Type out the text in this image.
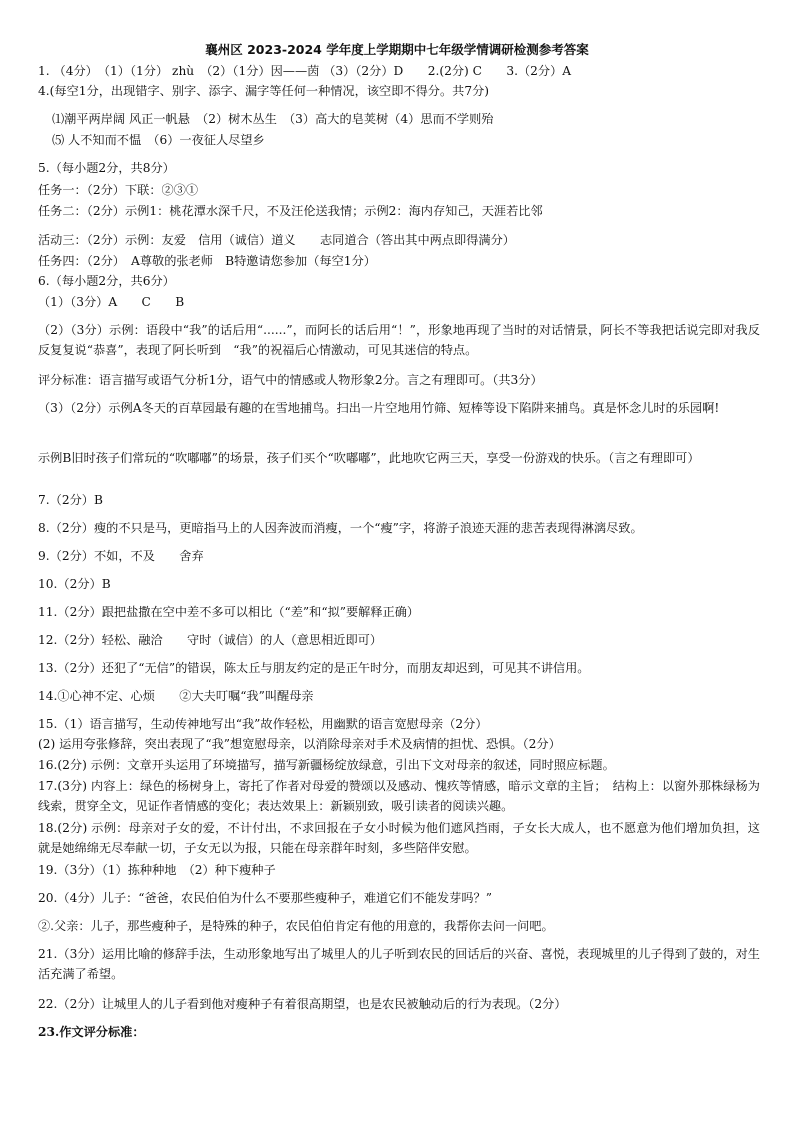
襄州区 2023-2024 学年度上学期期中七年级学情调研检测参考答案
1. （4分）　（1）（1分） zhù　（2）（1分）因——茵 （3）（2分）D　　2.(2分) C　　3.（2分）A
4.(每空1分，出现错字、别字、添字、漏字等任何一种情况，该空即不得分。共7分)
⑴潮平两岸阔 风正一帆悬　（2）树木丛生　（3）高大的皂荚树（4）思而不学则殆
⑸ 人不知而不愠　（6）一夜征人尽望乡
5.（每小题2分，共8分）
任务一：（2分）下联：②③①
任务二：（2分）示例1：桃花潭水深千尺，不及汪伦送我情；示例2：海内存知己，天涯若比邻
活动三：（2分）示例：友爱　信用（诚信）道义　　志同道合（答出其中两点即得满分）
任务四：（2分）　A尊敬的张老师　B特邀请您参加（每空1分）
6.（每小题2分，共6分）
（1）（3分）A　　C　　B
（2）（3分）示例：语段中“我”的话后用“......”，而阿长的话后用“！”，形象地再现了当时的对话情景，阿长不等我把话说完即对我反反复复说“恭喜”，表现了阿长听到　“我”的祝福后心情激动，可见其迷信的特点。
评分标准：语言描写或语气分析1分，语气中的情感或人物形象2分。言之有理即可。（共3分）
（3）（2分）示例A冬天的百草园最有趣的在雪地捕鸟。扫出一片空地用竹筛、短棒等设下陷阱来捕鸟。真是怀念儿时的乐园啊!
示例B旧时孩子们常玩的“吹嘟嘟”的场景，孩子们买个“吹嘟嘟”，此地吹它两三天，享受一份游戏的快乐。（言之有理即可）
7.（2分）B
8.（2分）瘦的不只是马，更暗指马上的人因奔波而消瘦，一个“瘦”字，将游子浪迹天涯的悲苦表现得淋漓尽致。
9.（2分）不如，不及　　舍弃
10.（2分）B
11.（2分）跟把盐撒在空中差不多可以相比（“差”和“拟”要解释正确）
12.（2分）轻松、融洽　　守时（诚信）的人（意思相近即可）
13.（2分）还犯了“无信”的错误，陈太丘与朋友约定的是正午时分，而朋友却迟到，可见其不讲信用。
14.①心神不定、心烦　　②大夫叮嘱“我”叫醒母亲
15.（1）语言描写，生动传神地写出“我”故作轻松，用幽默的语言宽慰母亲（2分）
(2) 运用夸张修辞，突出表现了“我”想宽慰母亲，以消除母亲对手术及病情的担忧、恐惧。（2分）
16.(2分) 示例：文章开头运用了环境描写，描写新疆杨绽放绿意，引出下文对母亲的叙述，同时照应标题。
17.(3分) 内容上：绿色的杨树身上，寄托了作者对母爱的赞颂以及感动、愧疚等情感，暗示文章的主旨；　结构上：以窗外那株绿杨为线索，贯穿全文，见证作者情感的变化；表达效果上：新颖别致，吸引读者的阅读兴趣。
18.(2分) 示例：母亲对子女的爱，不计付出，不求回报在子女小时候为他们遮风挡雨，子女长大成人，也不愿意为他们增加负担，这就是她绵绵无尽奉献一切，子女无以为报，只能在母亲群年时刻，多些陪伴安慰。
19.（3分）（1）拣种种地　（2）种下瘦种子
20.（4分）儿子：“爸爸，农民伯伯为什么不要那些瘦种子，难道它们不能发芽吗？”
②.父亲：儿子，那些瘦种子，是特殊的种子，农民伯伯肯定有他的用意的，我帮你去问一问吧。
21.（3分）运用比喻的修辞手法，生动形象地写出了城里人的儿子听到农民的回话后的兴奋、喜悦，表现城里的儿子得到了鼓的，对生活充满了希望。
22.（2分）让城里人的儿子看到他对瘦种子有着很高期望，也是农民被触动后的行为表现。（2分）
23.作文评分标准：
